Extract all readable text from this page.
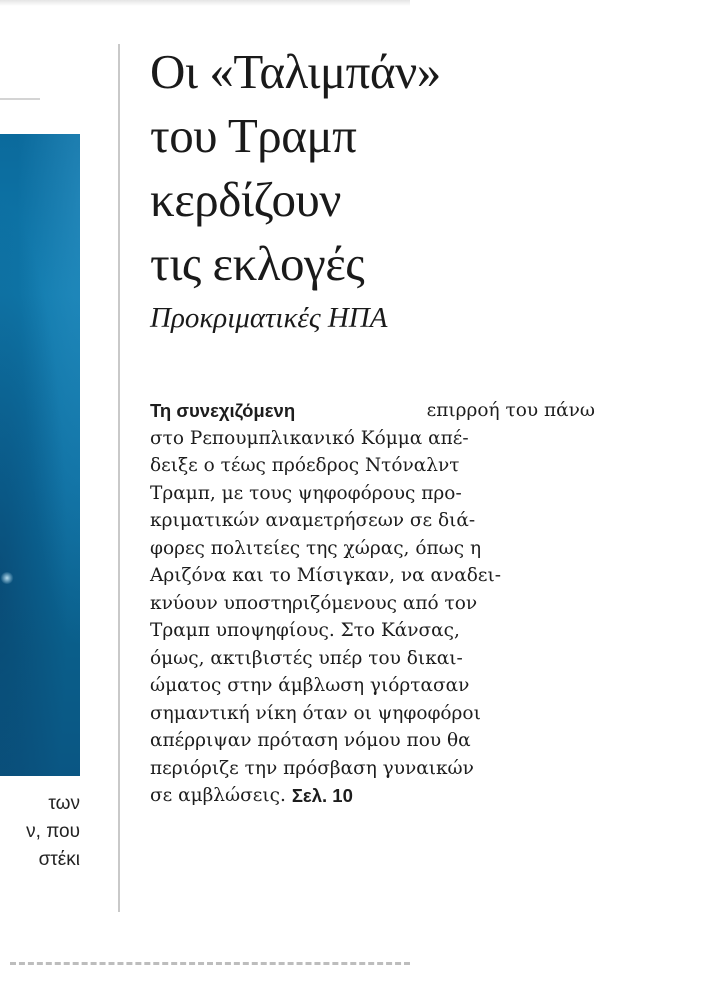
των
ν, που
στέκι
Οι «Ταλιμπάν»
του Τραμπ
κερδίζουν
τις εκλογές
Προκριματικές ΗΠΑ
Τη συνεχιζόμενη	επιρροή του πάνω
στο Ρεπουμπλικανικό Κόμμα απέ-
δειξε ο τέως πρόεδρος Ντόναλντ
Τραμπ, με τους ψηφοφόρους προ-
κριματικών αναμετρήσεων σε διά-
φορες πολιτείες της χώρας, όπως η
Αριζόνα και το Μίσιγκαν, να αναδει-
κνύουν υποστηριζόμενους από τον
Τραμπ υποψηφίους. Στο Κάνσας,
όμως, ακτιβιστές υπέρ του δικαι-
ώματος στην άμβλωση γιόρτασαν
σημαντική νίκη όταν οι ψηφοφόροι
απέρριψαν πρόταση νόμου που θα
περιόριζε την πρόσβαση γυναικών
σε αμβλώσεις. Σελ. 10
